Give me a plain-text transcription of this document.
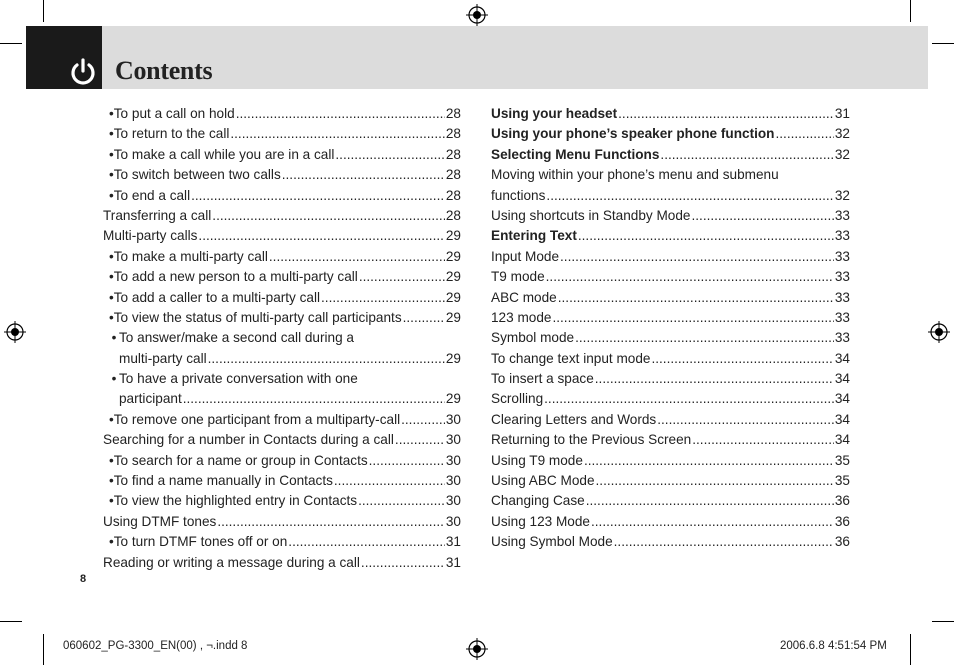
Contents
• To put a call on hold .....	28
• To return to the call .....	28
• To make a call while you are in a call .....	28
• To switch between two calls .....	28
• To end a call .....	28
Transferring a call .....	28
Multi-party calls .....	29
• To make a multi-party call .....	29
• To add a new person to a multi-party call .....	29
• To add a caller to a multi-party call .....	29
• To view the status of multi-party call participants .....	29
• To answer/make a second call during a
multi-party call .....	29
• To have a private conversation with one
participant .....	29
• To remove one participant from a multiparty-call .....	30
Searching for a number in Contacts during a call .....	30
• To search for a name or group in Contacts .....	30
• To find a name manually in Contacts .....	30
• To view the highlighted entry in Contacts .....	30
Using DTMF tones .....	30
• To turn DTMF tones off or on .....	31
Reading or writing a message during a call .....	31
Using your headset .....	31
Using your phone’s speaker phone function .....	32
Selecting Menu Functions .....	32
Moving within your phone’s menu and submenu
functions .....	32
Using shortcuts in Standby Mode .....	33
Entering Text .....	33
Input Mode .....	33
T9 mode .....	33
ABC mode .....	33
123 mode .....	33
Symbol mode .....	33
To change text input mode .....	34
To insert a space .....	34
Scrolling .....	34
Clearing Letters and Words .....	34
Returning to the Previous Screen .....	34
Using T9 mode .....	35
Using ABC Mode .....	35
Changing Case .....	36
Using 123 Mode .....	36
Using Symbol Mode .....	36
8
060602_PG-3300_EN(00) , ¬.indd 8	2006.6.8 4:51:54 PM
